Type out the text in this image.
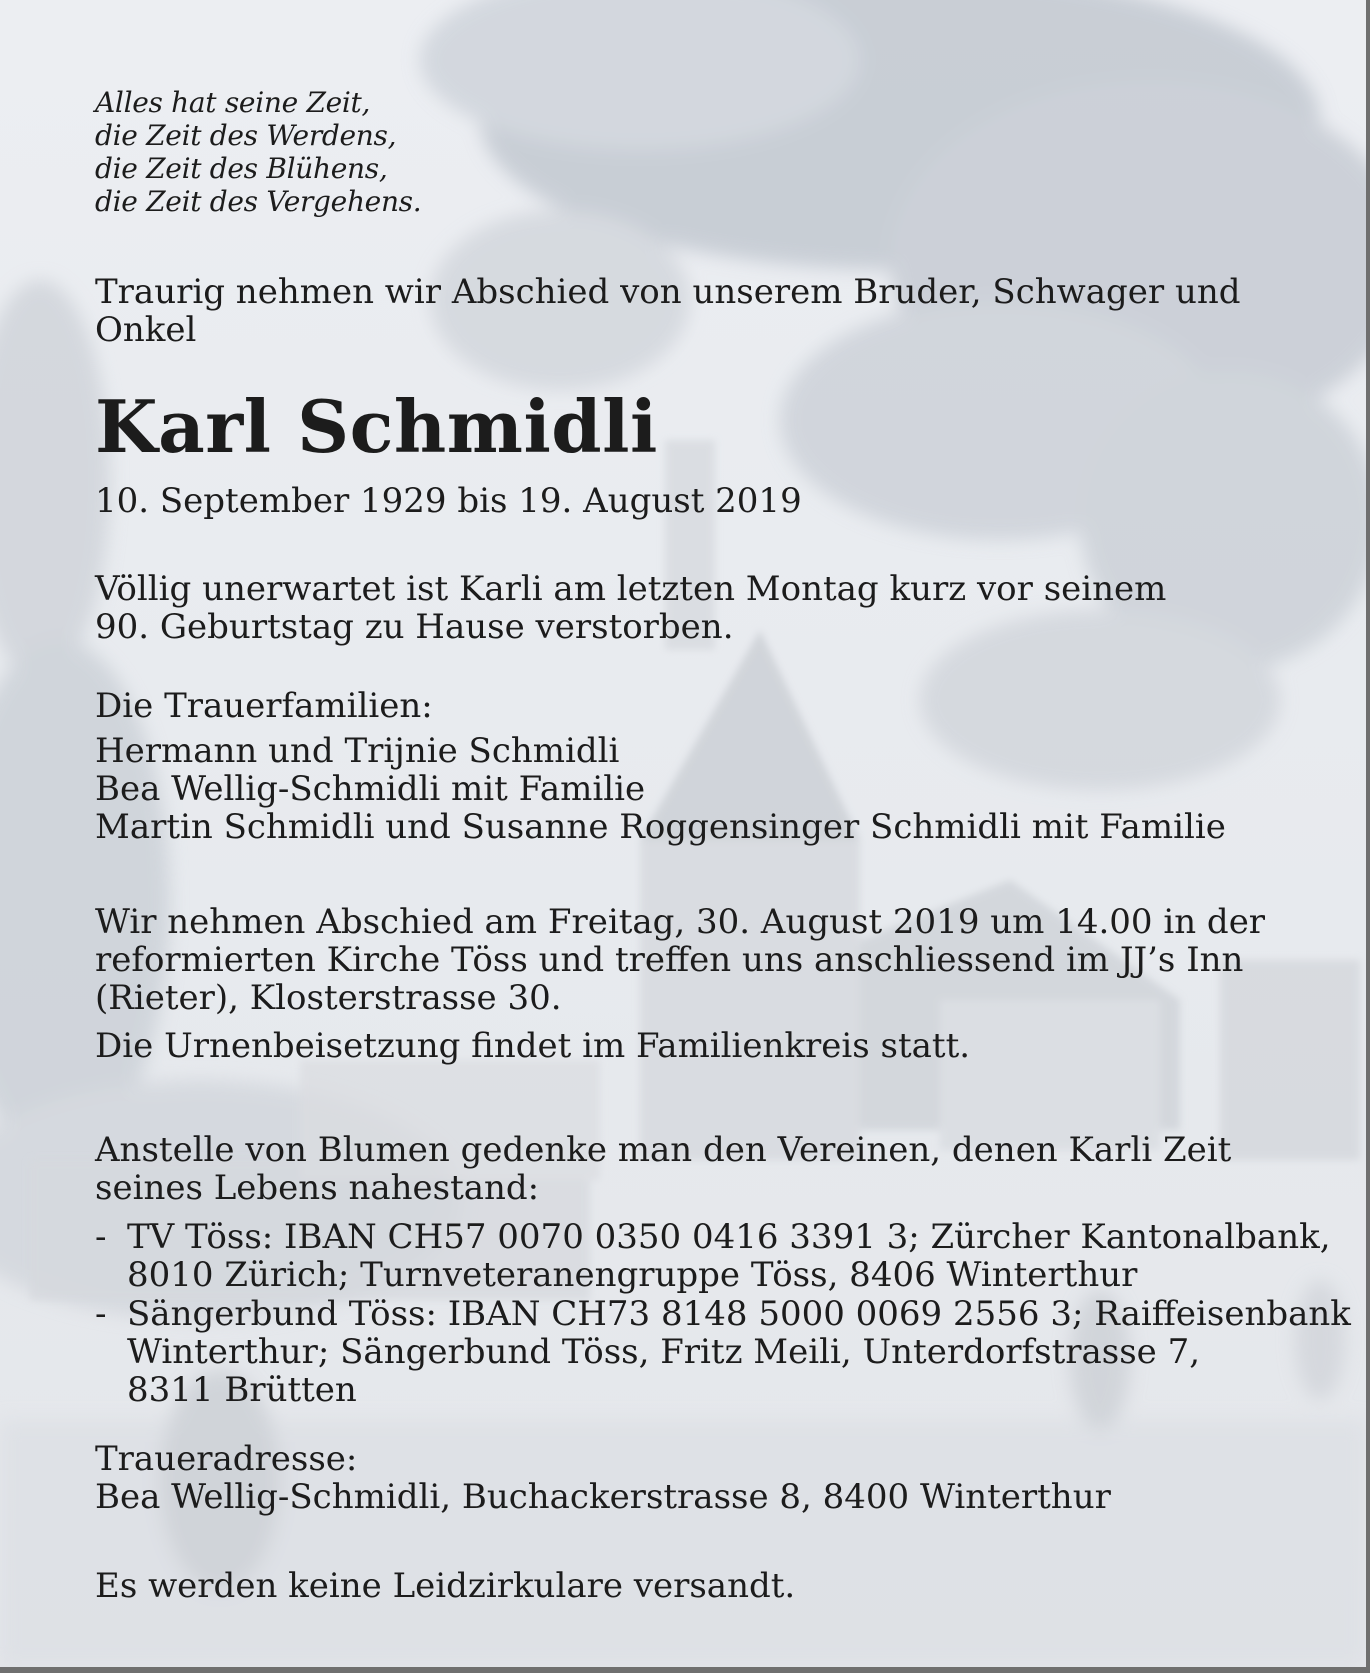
Alles hat seine Zeit,
die Zeit des Werdens,
die Zeit des Blühens,
die Zeit des Vergehens.
Traurig nehmen wir Abschied von unserem Bruder, Schwager und
Onkel
Karl Schmidli
10. September 1929 bis 19. August 2019
Völlig unerwartet ist Karli am letzten Montag kurz vor seinem
90. Geburtstag zu Hause verstorben.
Die Trauerfamilien:
Hermann und Trijnie Schmidli
Bea Wellig-Schmidli mit Familie
Martin Schmidli und Susanne Roggensinger Schmidli mit Familie
Wir nehmen Abschied am Freitag, 30. August 2019 um 14.00 in der
reformierten Kirche Töss und treffen uns anschliessend im JJ’s Inn
(Rieter), Klosterstrasse 30.
Die Urnenbeisetzung findet im Familienkreis statt.
Anstelle von Blumen gedenke man den Vereinen, denen Karli Zeit
seines Lebens nahestand:
- TV Töss: IBAN CH57 0070 0350 0416 3391 3; Zürcher Kantonalbank,
8010 Zürich; Turnveteranengruppe Töss, 8406 Winterthur
- Sängerbund Töss: IBAN CH73 8148 5000 0069 2556 3; Raiffeisenbank
Winterthur; Sängerbund Töss, Fritz Meili, Unterdorfstrasse 7,
8311 Brütten
Traueradresse:
Bea Wellig-Schmidli, Buchackerstrasse 8, 8400 Winterthur
Es werden keine Leidzirkulare versandt.
